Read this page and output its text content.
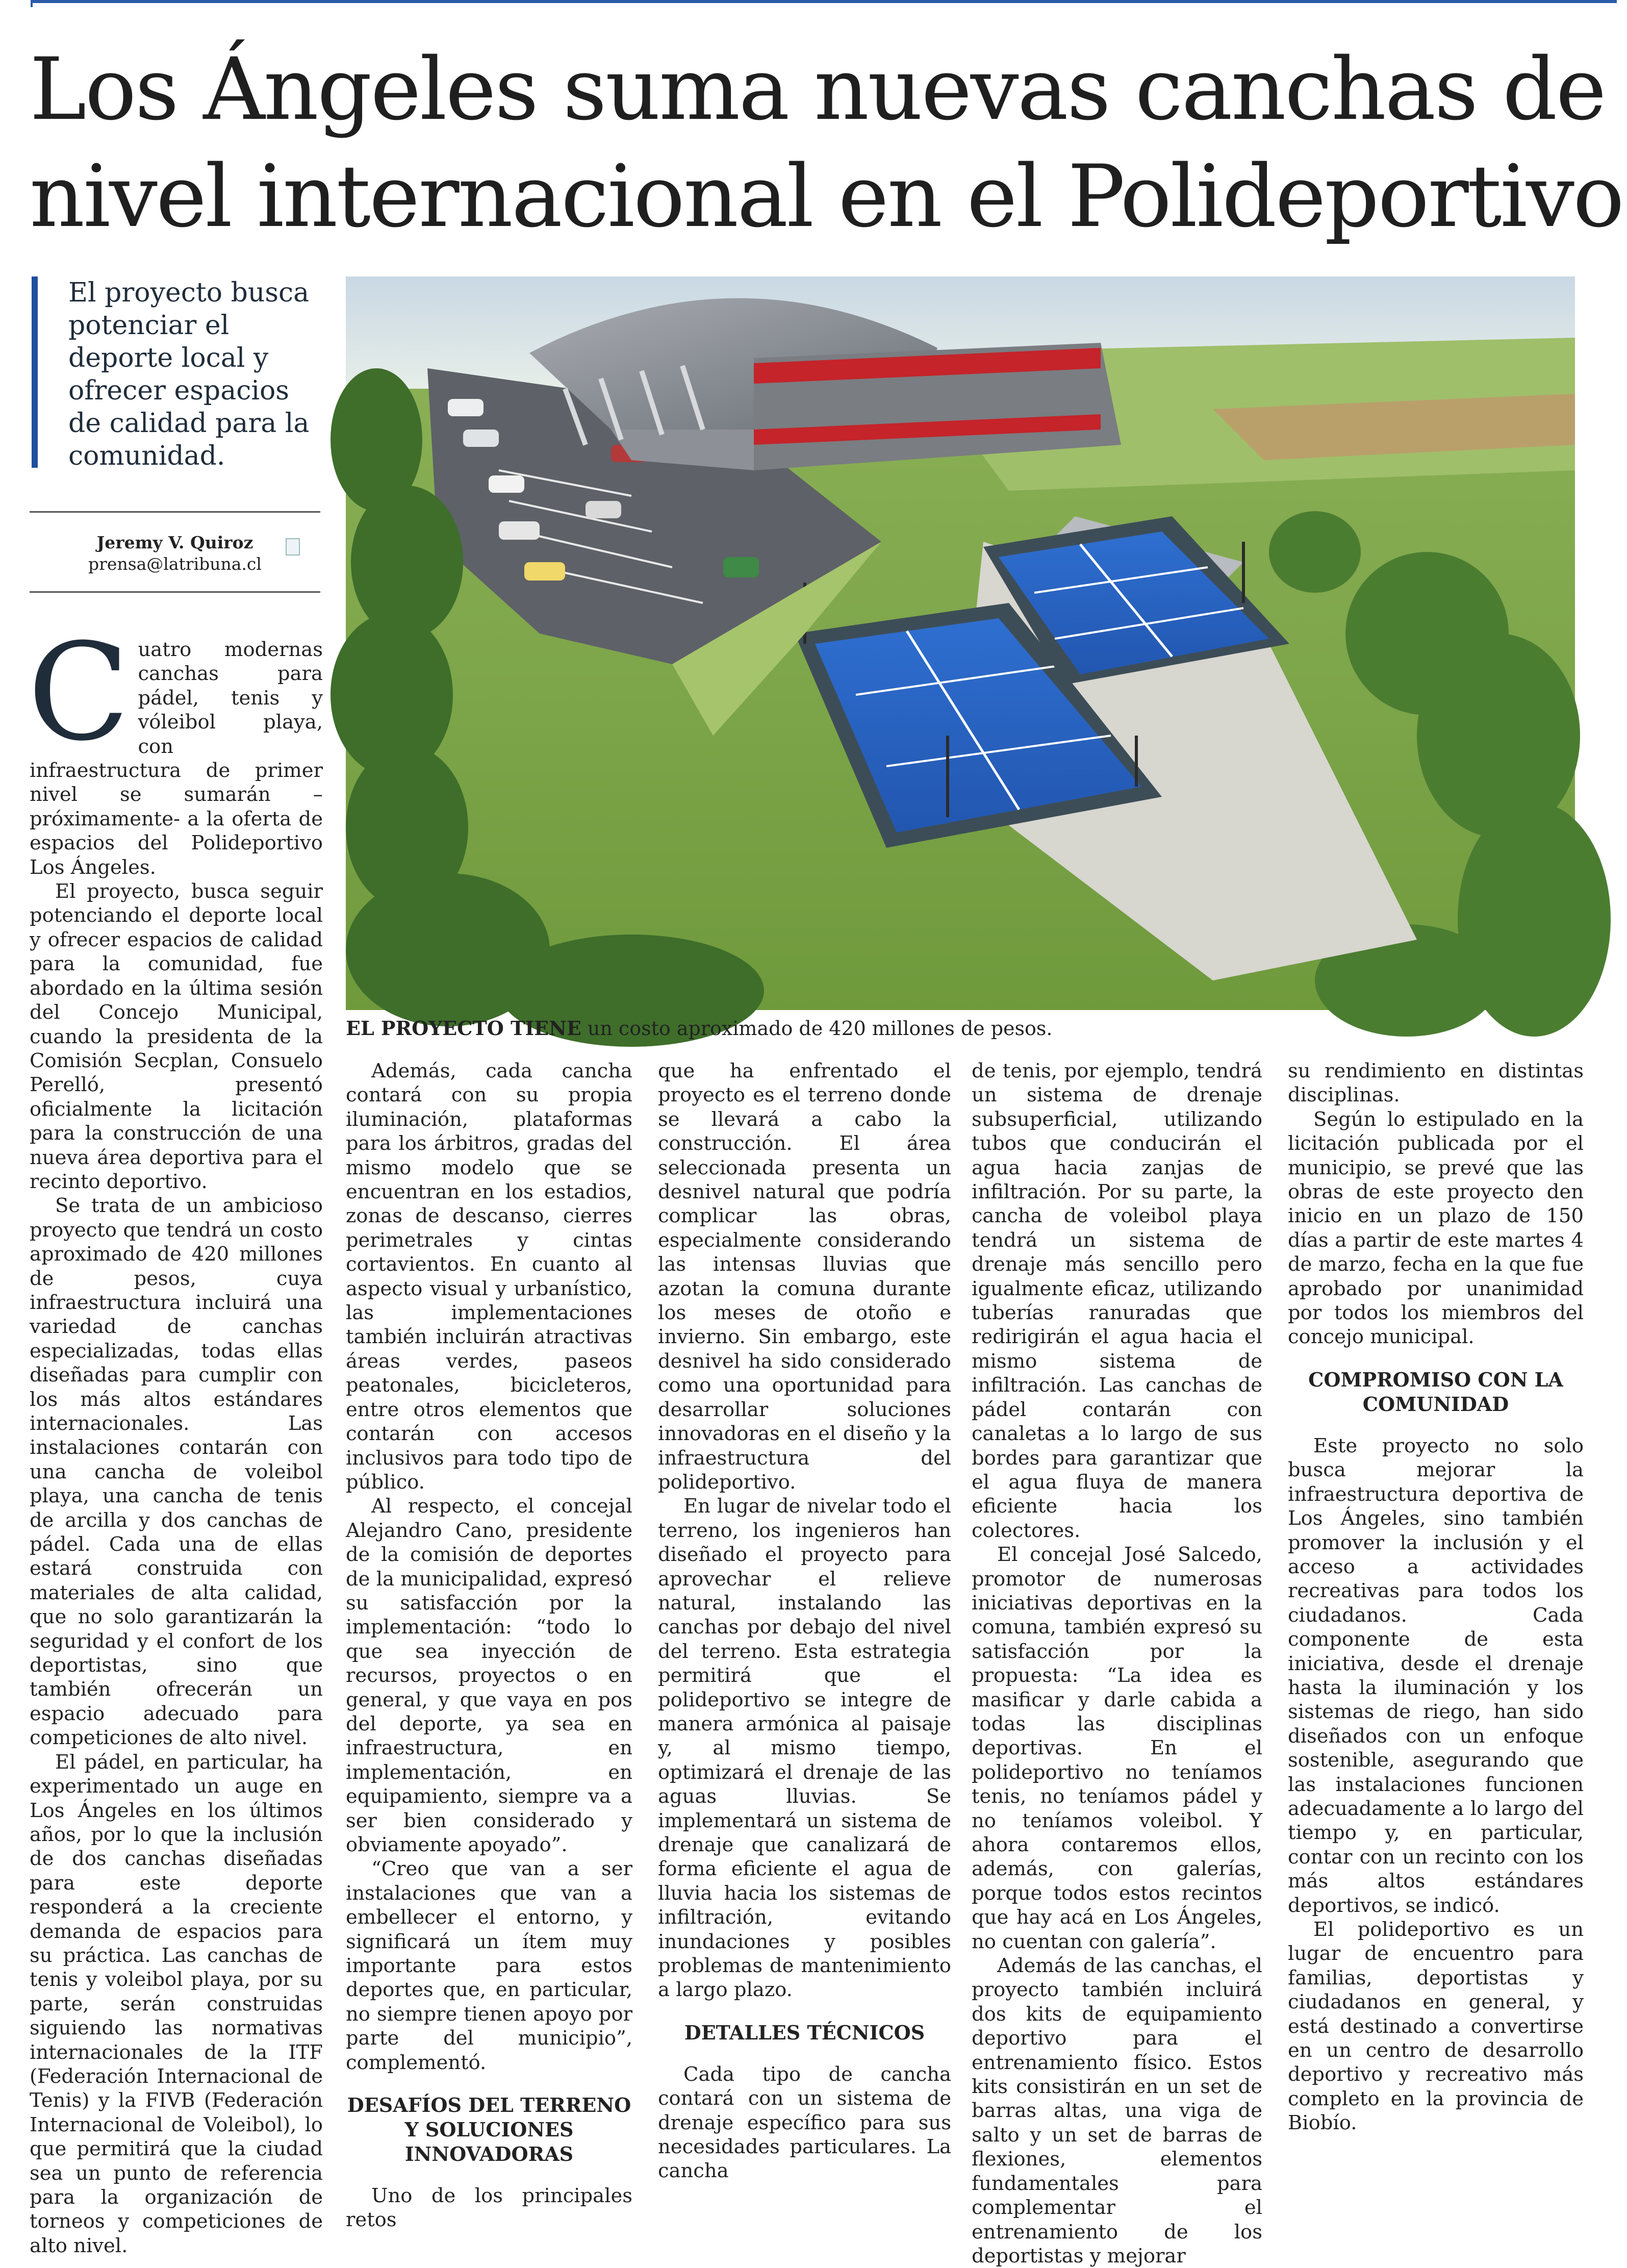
Los Ángeles suma nuevas canchas de
nivel internacional en el Polideportivo

El proyecto busca potenciar el deporte local y ofrecer espacios de calidad para la comunidad.

Jeremy V. Quiroz
prensa@latribuna.cl
EL PROYECTO TIENE un costo aproximado de 420 millones de pesos.

Cuatro modernas canchas para pádel, tenis y vóleibol playa, con infraestructura de primer nivel se sumarán –próximamente- a la oferta de espacios del Polideportivo Los Ángeles.

El proyecto, busca seguir potenciando el deporte local y ofrecer espacios de calidad para la comunidad, fue abordado en la última sesión del Concejo Municipal, cuando la presidenta de la Comisión Secplan, Consuelo Perelló, presentó oficialmente la licitación para la construcción de una nueva área deportiva para el recinto deportivo.

Se trata de un ambicioso proyecto que tendrá un costo aproximado de 420 millones de pesos, cuya infraestructura incluirá una variedad de canchas especializadas, todas ellas diseñadas para cumplir con los más altos estándares internacionales. Las instalaciones contarán con una cancha de voleibol playa, una cancha de tenis de arcilla y dos canchas de pádel. Cada una de ellas estará construida con materiales de alta calidad, que no solo garantizarán la seguridad y el confort de los deportistas, sino que también ofrecerán un espacio adecuado para competiciones de alto nivel.

El pádel, en particular, ha experimentado un auge en Los Ángeles en los últimos años, por lo que la inclusión de dos canchas diseñadas para este deporte responderá a la creciente demanda de espacios para su práctica. Las canchas de tenis y voleibol playa, por su parte, serán construidas siguiendo las normativas internacionales de la ITF (Federación Internacional de Tenis) y la FIVB (Federación Internacional de Voleibol), lo que permitirá que la ciudad sea un punto de referencia para la organización de torneos y competiciones de alto nivel.

Además, cada cancha contará con su propia iluminación, plataformas para los árbitros, gradas del mismo modelo que se encuentran en los estadios, zonas de descanso, cierres perimetrales y cintas cortavientos. En cuanto al aspecto visual y urbanístico, las implementaciones también incluirán atractivas áreas verdes, paseos peatonales, bicicleteros, entre otros elementos que contarán con accesos inclusivos para todo tipo de público.

Al respecto, el concejal Alejandro Cano, presidente de la comisión de deportes de la municipalidad, expresó su satisfacción por la implementación: “todo lo que sea inyección de recursos, proyectos o en general, y que vaya en pos del deporte, ya sea en infraestructura, en implementación, en equipamiento, siempre va a ser bien considerado y obviamente apoyado”.

“Creo que van a ser instalaciones que van a embellecer el entorno, y significará un ítem muy importante para estos deportes que, en particular, no siempre tienen apoyo por parte del municipio”, complementó.

DESAFÍOS DEL TERRENO Y SOLUCIONES INNOVADORAS

Uno de los principales retos

que ha enfrentado el proyecto es el terreno donde se llevará a cabo la construcción. El área seleccionada presenta un desnivel natural que podría complicar las obras, especialmente considerando las intensas lluvias que azotan la comuna durante los meses de otoño e invierno. Sin embargo, este desnivel ha sido considerado como una oportunidad para desarrollar soluciones innovadoras en el diseño y la infraestructura del polideportivo.

En lugar de nivelar todo el terreno, los ingenieros han diseñado el proyecto para aprovechar el relieve natural, instalando las canchas por debajo del nivel del terreno. Esta estrategia permitirá que el polideportivo se integre de manera armónica al paisaje y, al mismo tiempo, optimizará el drenaje de las aguas lluvias. Se implementará un sistema de drenaje que canalizará de forma eficiente el agua de lluvia hacia los sistemas de infiltración, evitando inundaciones y posibles problemas de mantenimiento a largo plazo.

DETALLES TÉCNICOS

Cada tipo de cancha contará con un sistema de drenaje específico para sus necesidades particulares. La cancha

de tenis, por ejemplo, tendrá un sistema de drenaje subsuperficial, utilizando tubos que conducirán el agua hacia zanjas de infiltración. Por su parte, la cancha de voleibol playa tendrá un sistema de drenaje más sencillo pero igualmente eficaz, utilizando tuberías ranuradas que redirigirán el agua hacia el mismo sistema de infiltración. Las canchas de pádel contarán con canaletas a lo largo de sus bordes para garantizar que el agua fluya de manera eficiente hacia los colectores.

El concejal José Salcedo, promotor de numerosas iniciativas deportivas en la comuna, también expresó su satisfacción por la propuesta: “La idea es masificar y darle cabida a todas las disciplinas deportivas. En el polideportivo no teníamos tenis, no teníamos pádel y no teníamos voleibol. Y ahora contaremos ellos, además, con galerías, porque todos estos recintos que hay acá en Los Ángeles, no cuentan con galería”.

Además de las canchas, el proyecto también incluirá dos kits de equipamiento deportivo para el entrenamiento físico. Estos kits consistirán en un set de barras altas, una viga de salto y un set de barras de flexiones, elementos fundamentales para complementar el entrenamiento de los deportistas y mejorar

su rendimiento en distintas disciplinas.

Según lo estipulado en la licitación publicada por el municipio, se prevé que las obras de este proyecto den inicio en un plazo de 150 días a partir de este martes 4 de marzo, fecha en la que fue aprobado por unanimidad por todos los miembros del concejo municipal.

COMPROMISO CON LA COMUNIDAD

Este proyecto no solo busca mejorar la infraestructura deportiva de Los Ángeles, sino también promover la inclusión y el acceso a actividades recreativas para todos los ciudadanos. Cada componente de esta iniciativa, desde el drenaje hasta la iluminación y los sistemas de riego, han sido diseñados con un enfoque sostenible, asegurando que las instalaciones funcionen adecuadamente a lo largo del tiempo y, en particular, contar con un recinto con los más altos estándares deportivos, se indicó.

El polideportivo es un lugar de encuentro para familias, deportistas y ciudadanos en general, y está destinado a convertirse en un centro de desarrollo deportivo y recreativo más completo en la provincia de Biobío.
